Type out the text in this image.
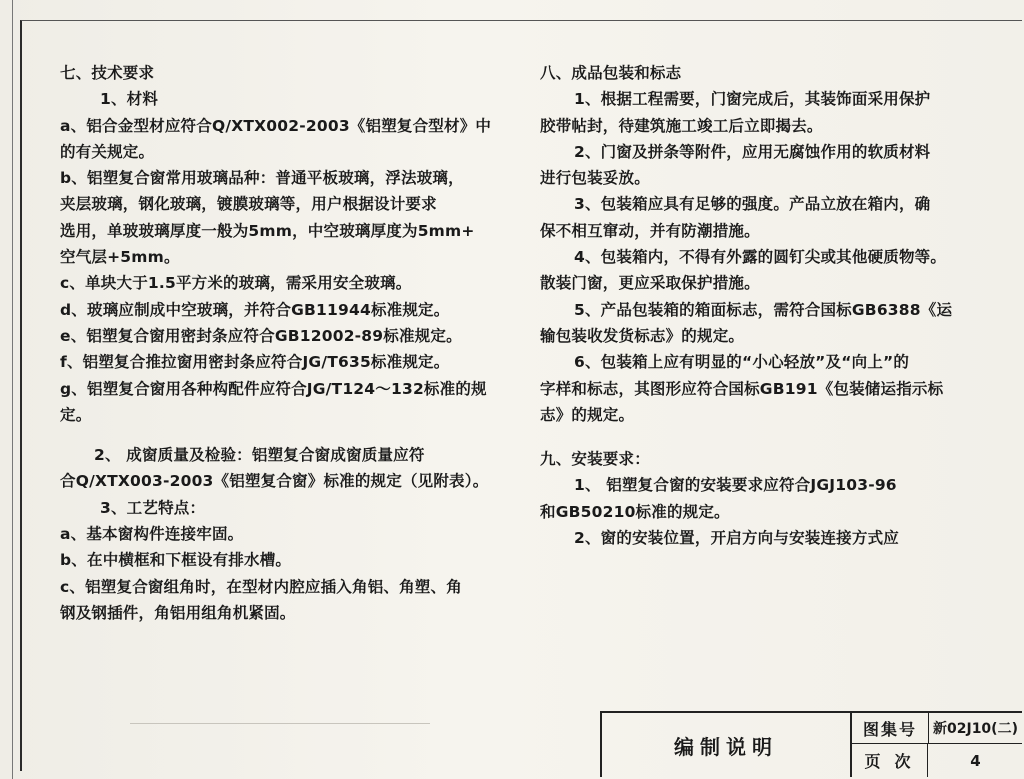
七、技术要求

1、材料

a、铝合金型材应符合Q/XTX002-2003《铝塑复合型材》中

的有关规定。

b、铝塑复合窗常用玻璃品种：普通平板玻璃，浮法玻璃，

夹层玻璃，钢化玻璃，镀膜玻璃等，用户根据设计要求

选用，单玻玻璃厚度一般为5mm，中空玻璃厚度为5mm+

空气层+5mm。

c、单块大于1.5平方米的玻璃，需采用安全玻璃。

d、玻璃应制成中空玻璃，并符合GB11944标准规定。

e、铝塑复合窗用密封条应符合GB12002-89标准规定。

f、铝塑复合推拉窗用密封条应符合JG/T635标准规定。

g、铝塑复合窗用各种构配件应符合JG/T124～132标准的规

定。

2、 成窗质量及检验：铝塑复合窗成窗质量应符

合Q/XTX003-2003《铝塑复合窗》标准的规定（见附表）。

3、工艺特点：

a、基本窗构件连接牢固。

b、在中横框和下框设有排水槽。

c、铝塑复合窗组角时，在型材内腔应插入角铝、角塑、角

钢及钢插件，角铝用组角机紧固。

八、成品包装和标志

1、根据工程需要，门窗完成后，其装饰面采用保护

胶带帖封，待建筑施工竣工后立即揭去。

2、门窗及拼条等附件，应用无腐蚀作用的软质材料

进行包装妥放。

3、包装箱应具有足够的强度。产品立放在箱内，确

保不相互窜动，并有防潮措施。

4、包装箱内，不得有外露的圆钉尖或其他硬质物等。

散装门窗，更应采取保护措施。

5、产品包装箱的箱面标志，需符合国标GB6388《运

输包装收发货标志》的规定。

6、包装箱上应有明显的“小心轻放”及“向上”的

字样和标志，其图形应符合国标GB191《包装储运指示标

志》的规定。

九、安装要求：

1、 铝塑复合窗的安装要求应符合JGJ103-96

和GB50210标准的规定。

2、窗的安装位置，开启方向与安装连接方式应

编制说明
图集号	新02J10(二)
页次	4
